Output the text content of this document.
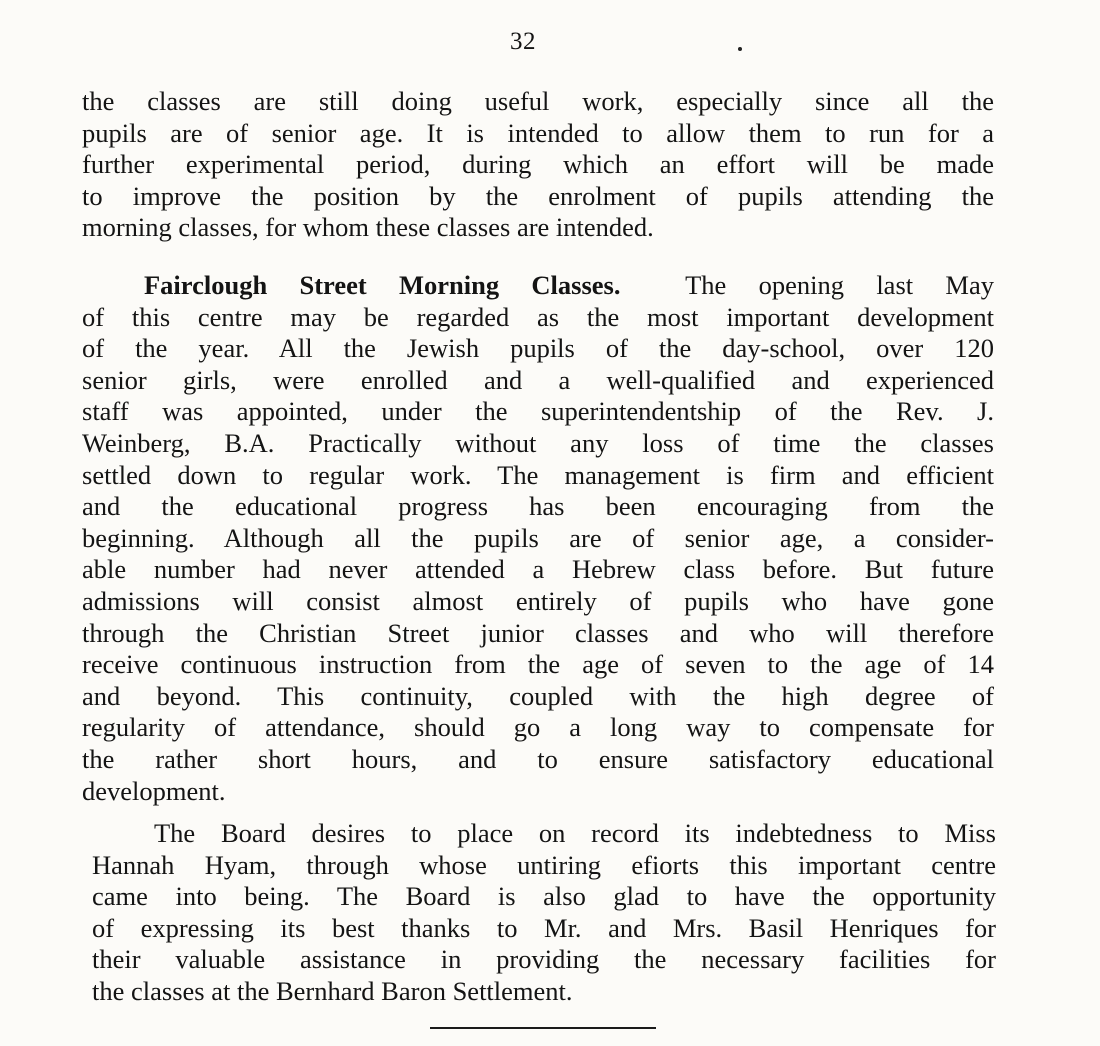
32
the classes are still doing useful work, especially since all the
pupils are of senior age. It is intended to allow them to run for a
further experimental period, during which an effort will be made
to improve the position by the enrolment of pupils attending the
morning classes, for whom these classes are intended.
Fairclough Street Morning Classes. The opening last May
of this centre may be regarded as the most important development
of the year. All the Jewish pupils of the day-school, over 120
senior girls, were enrolled and a well-qualified and experienced
staff was appointed, under the superintendentship of the Rev. J.
Weinberg, B.A. Practically without any loss of time the classes
settled down to regular work. The management is firm and efficient
and the educational progress has been encouraging from the
beginning. Although all the pupils are of senior age, a consider-
able number had never attended a Hebrew class before. But future
admissions will consist almost entirely of pupils who have gone
through the Christian Street junior classes and who will therefore
receive continuous instruction from the age of seven to the age of 14
and beyond. This continuity, coupled with the high degree of
regularity of attendance, should go a long way to compensate for
the rather short hours, and to ensure satisfactory educational
development.
The Board desires to place on record its indebtedness to Miss
Hannah Hyam, through whose untiring efiorts this important centre
came into being. The Board is also glad to have the opportunity
of expressing its best thanks to Mr. and Mrs. Basil Henriques for
their valuable assistance in providing the necessary facilities for
the classes at the Bernhard Baron Settlement.
